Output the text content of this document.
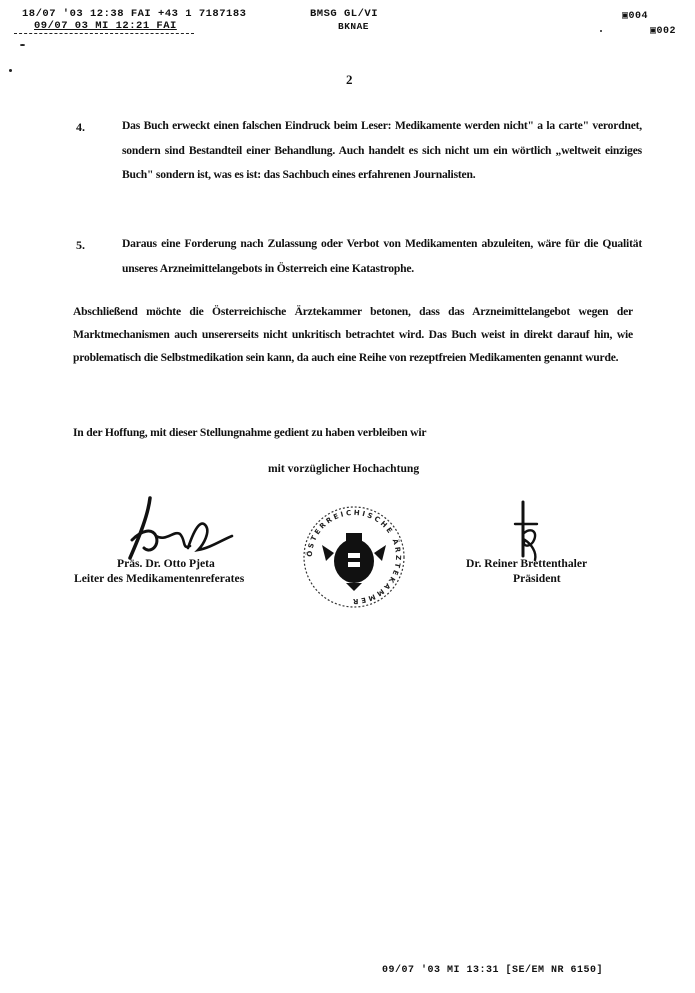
18/07 '03 12:38 FAI +43 1 7187183
09/07 03 MI 12:21 FAI
BMSG GL/VI
BKNAE
▣004
▣002
2
4.	Das Buch erweckt einen falschen Eindruck beim Leser: Medikamente werden nicht" a la carte" verordnet, sondern sind Bestandteil einer Behandlung. Auch handelt es sich nicht um ein wörtlich „weltweit einziges Buch" sondern ist, was es ist: das Sachbuch eines erfahrenen Journalisten.
5.	Daraus eine Forderung nach Zulassung oder Verbot von Medikamenten abzuleiten, wäre für die Qualität unseres Arzneimittelangebots in Österreich eine Katastrophe.
Abschließend möchte die Österreichische Ärztekammer betonen, dass das Arzneimittelangebot wegen der Marktmechanismen auch unsererseits nicht unkritisch betrachtet wird. Das Buch weist in direkt darauf hin, wie problematisch die Selbstmedikation sein kann, da auch eine Reihe von rezeptfreien Medikamenten genannt wurde.
In der Hoffung, mit dieser Stellungnahme gedient zu haben verbleiben wir
mit vorzüglicher Hochachtung
Präs. Dr. Otto Pjeta
Leiter des Medikamentenreferates
ÖSTERREICHISCHE ÄRZTEKAMMER
Dr. Reiner Brettenthaler
Präsident
09/07 '03 MI 13:31 [SE/EM NR 6150]
